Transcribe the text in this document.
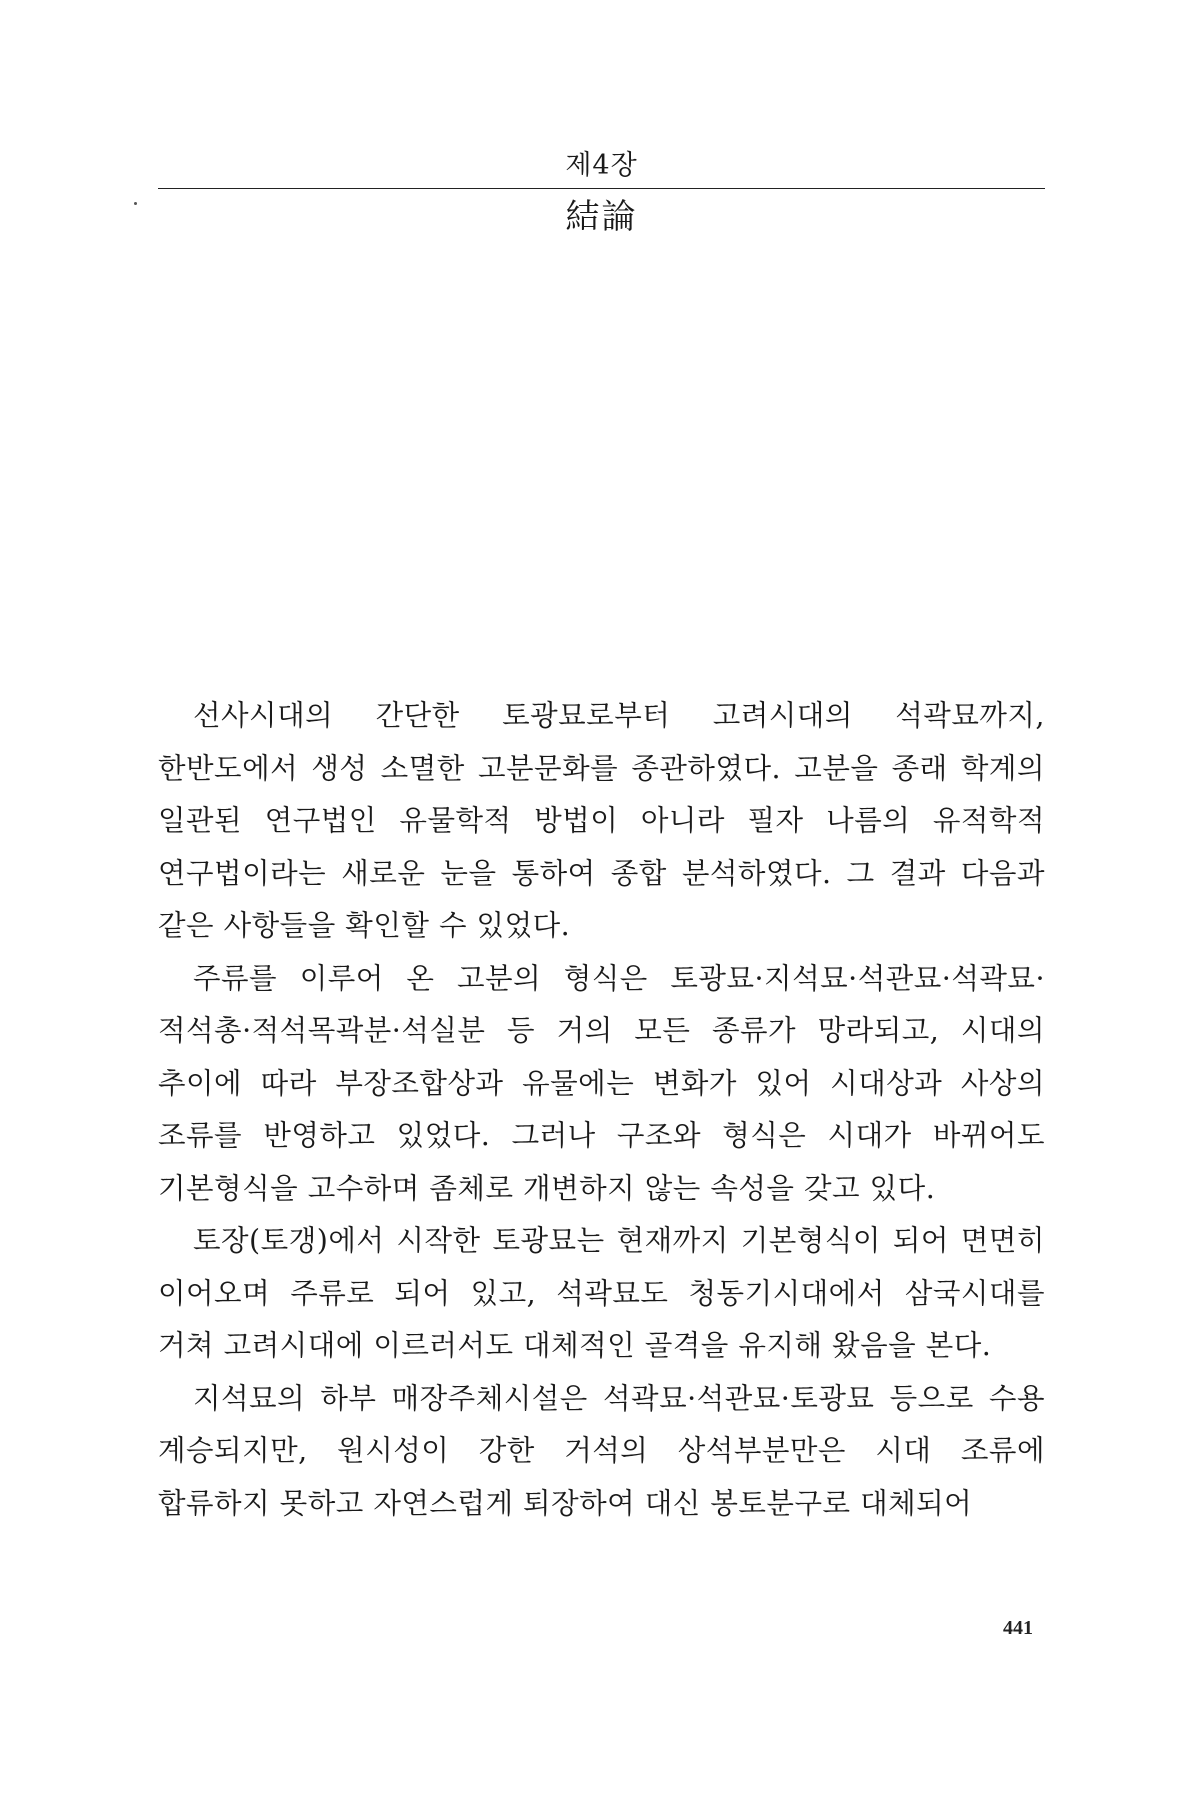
제4장
結論

선사시대의 간단한 토광묘로부터 고려시대의 석곽묘까지, 한반도에서 생성 소멸한 고분문화를 종관하였다. 고분을 종래 학계의 일관된 연구법인 유물학적 방법이 아니라 필자 나름의 유적학적 연구법이라는 새로운 눈을 통하여 종합 분석하였다. 그 결과 다음과 같은 사항들을 확인할 수 있었다.

주류를 이루어 온 고분의 형식은 토광묘·지석묘·석관묘·석곽묘·적석총·적석목곽분·석실분 등 거의 모든 종류가 망라되고, 시대의 추이에 따라 부장조합상과 유물에는 변화가 있어 시대상과 사상의 조류를 반영하고 있었다. 그러나 구조와 형식은 시대가 바뀌어도 기본형식을 고수하며 좀체로 개변하지 않는 속성을 갖고 있다.

토장(토갱)에서 시작한 토광묘는 현재까지 기본형식이 되어 면면히 이어오며 주류로 되어 있고, 석곽묘도 청동기시대에서 삼국시대를 거쳐 고려시대에 이르러서도 대체적인 골격을 유지해 왔음을 본다.

지석묘의 하부 매장주체시설은 석곽묘·석관묘·토광묘 등으로 수용 계승되지만, 원시성이 강한 거석의 상석부분만은 시대 조류에 합류하지 못하고 자연스럽게 퇴장하여 대신 봉토분구로 대체되어

441
